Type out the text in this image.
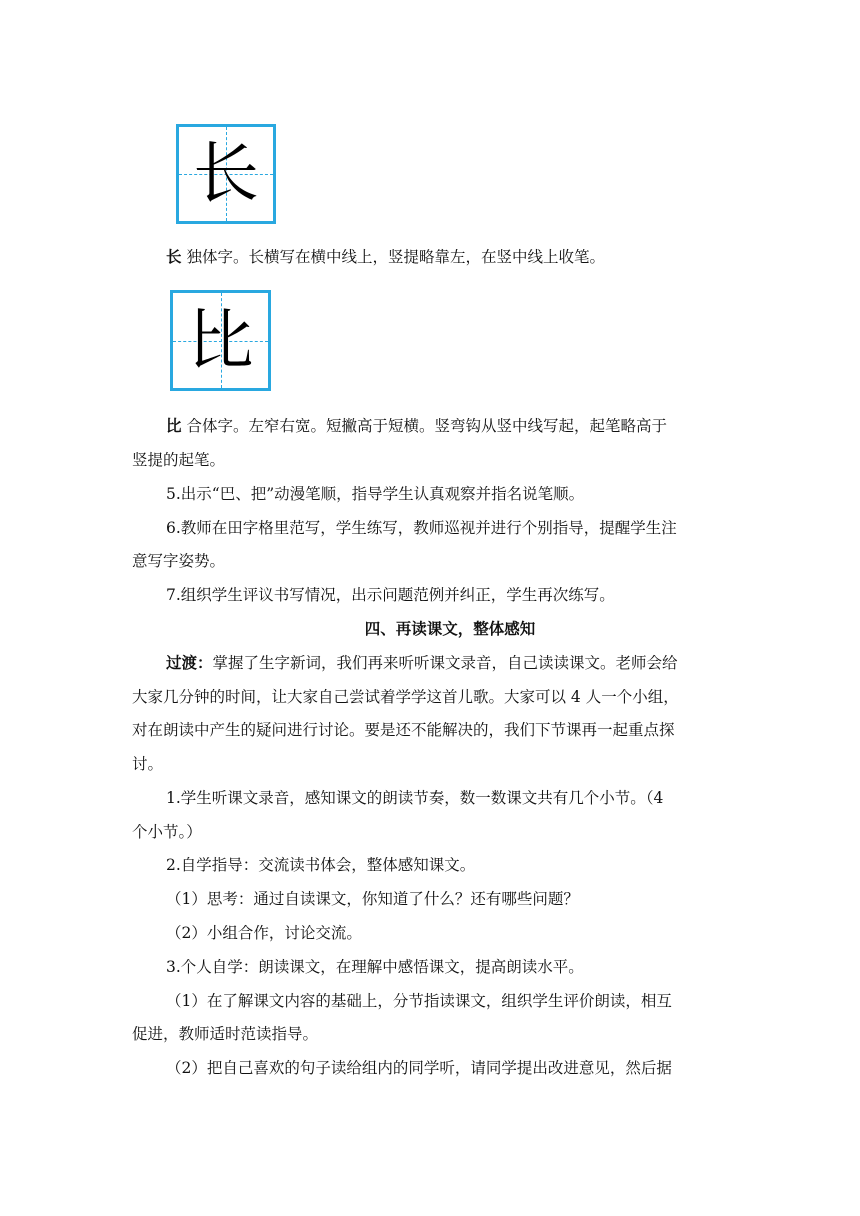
长
长 独体字。长横写在横中线上，竖提略靠左，在竖中线上收笔。
比
比 合体字。左窄右宽。短撇高于短横。竖弯钩从竖中线写起，起笔略高于
竖提的起笔。
5.出示“巴、把”动漫笔顺，指导学生认真观察并指名说笔顺。
6.教师在田字格里范写，学生练写，教师巡视并进行个别指导，提醒学生注
意写字姿势。
7.组织学生评议书写情况，出示问题范例并纠正，学生再次练写。
四、再读课文，整体感知
过渡：掌握了生字新词，我们再来听听课文录音，自己读读课文。老师会给
大家几分钟的时间，让大家自己尝试着学学这首儿歌。大家可以 4 人一个小组，
对在朗读中产生的疑问进行讨论。要是还不能解决的，我们下节课再一起重点探
讨。
1.学生听课文录音，感知课文的朗读节奏，数一数课文共有几个小节。（4
个小节。）
2.自学指导：交流读书体会，整体感知课文。
（1）思考：通过自读课文，你知道了什么？还有哪些问题？
（2）小组合作，讨论交流。
3.个人自学：朗读课文，在理解中感悟课文，提高朗读水平。
（1）在了解课文内容的基础上，分节指读课文，组织学生评价朗读，相互
促进，教师适时范读指导。
（2）把自己喜欢的句子读给组内的同学听，请同学提出改进意见，然后据
